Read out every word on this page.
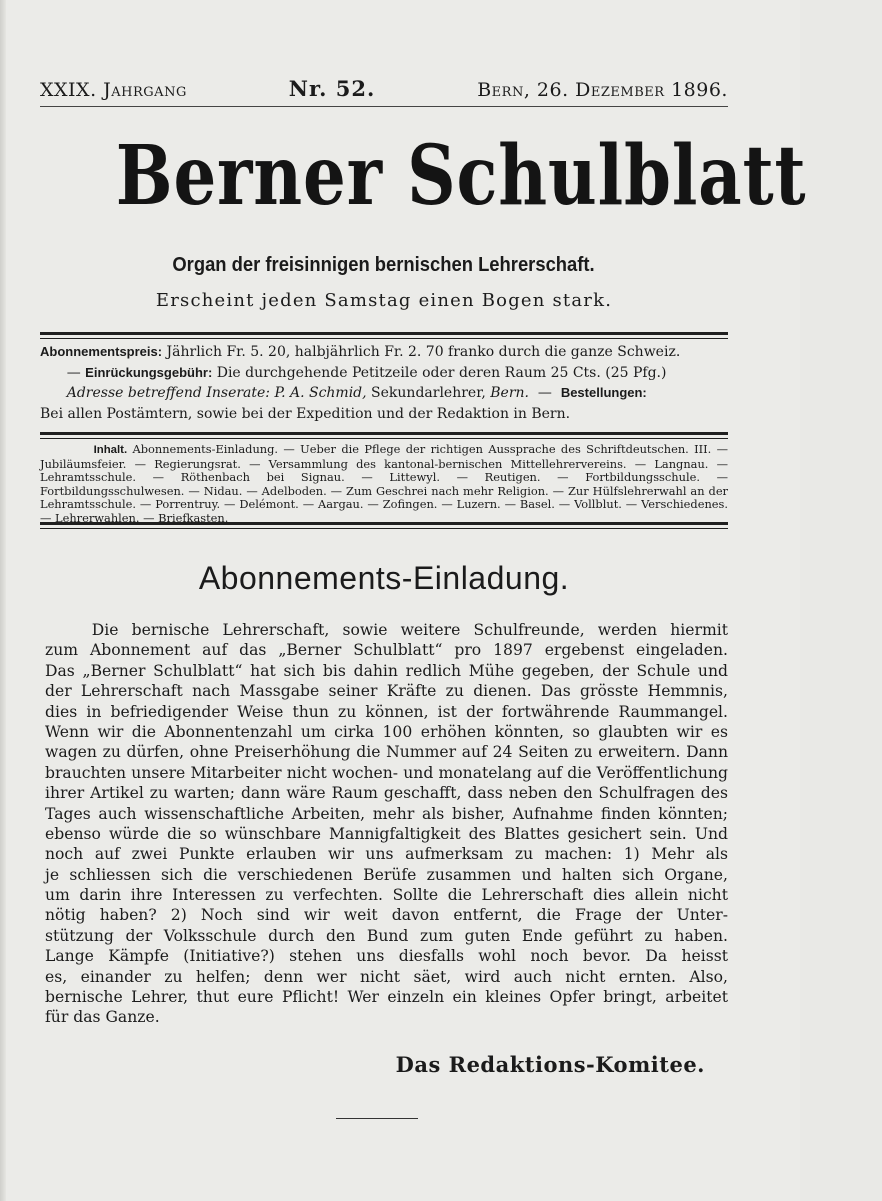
XXIX. Jahrgang	Nr. 52.	Bern, 26. Dezember 1896.
Berner Schulblatt
Organ der freisinnigen bernischen Lehrerschaft.
Erscheint jeden Samstag einen Bogen stark.
Abonnementspreis: Jährlich Fr. 5. 20, halbjährlich Fr. 2. 70 franko durch die ganze Schweiz.
— Einrückungsgebühr: Die durchgehende Petitzeile oder deren Raum 25 Cts. (25 Pfg.)
Adresse betreffend Inserate: P. A. Schmid, Sekundarlehrer, Bern.  —  Bestellungen:
Bei allen Postämtern, sowie bei der Expedition und der Redaktion in Bern.
Inhalt. Abonnements-Einladung. — Ueber die Pflege der richtigen Aussprache des Schriftdeutschen. III. — Jubiläumsfeier. — Regierungsrat. — Versammlung des kantonal-bernischen Mittellehrervereins. — Langnau. — Lehramtsschule. — Röthenbach bei Signau. — Littewyl. — Reutigen. — Fortbildungsschule. — Fortbildungsschulwesen. — Nidau. — Adelboden. — Zum Geschrei nach mehr Religion. — Zur Hülfslehrerwahl an der Lehramtsschule. — Porrentruy. — Delémont. — Aargau. — Zofingen. — Luzern. — Basel. — Vollblut. — Verschiedenes. — Lehrerwahlen. — Briefkasten.
Abonnements-Einladung.
   Die bernische Lehrerschaft, sowie weitere Schulfreunde, werden hiermit
zum Abonnement auf das „Berner Schulblatt“ pro 1897 ergebenst eingeladen.
Das „Berner Schulblatt“ hat sich bis dahin redlich Mühe gegeben, der Schule und
der Lehrerschaft nach Massgabe seiner Kräfte zu dienen. Das grösste Hemmnis,
dies in befriedigender Weise thun zu können, ist der fortwährende Raummangel.
Wenn wir die Abonnentenzahl um cirka 100 erhöhen könnten, so glaubten wir es
wagen zu dürfen, ohne Preiserhöhung die Nummer auf 24 Seiten zu erweitern. Dann
brauchten unsere Mitarbeiter nicht wochen- und monatelang auf die Veröffentlichung
ihrer Artikel zu warten; dann wäre Raum geschafft, dass neben den Schulfragen des
Tages auch wissenschaftliche Arbeiten, mehr als bisher, Aufnahme finden könnten;
ebenso würde die so wünschbare Mannigfaltigkeit des Blattes gesichert sein. Und
noch auf zwei Punkte erlauben wir uns aufmerksam zu machen: 1) Mehr als
je schliessen sich die verschiedenen Berüfe zusammen und halten sich Organe,
um darin ihre Interessen zu verfechten. Sollte die Lehrerschaft dies allein nicht
nötig haben? 2) Noch sind wir weit davon entfernt, die Frage der Unter-
stützung der Volksschule durch den Bund zum guten Ende geführt zu haben.
Lange Kämpfe (Initiative?) stehen uns diesfalls wohl noch bevor. Da heisst
es, einander zu helfen; denn wer nicht säet, wird auch nicht ernten. Also,
bernische Lehrer, thut eure Pflicht! Wer einzeln ein kleines Opfer bringt, arbeitet
für das Ganze.
Das Redaktions-Komitee.
